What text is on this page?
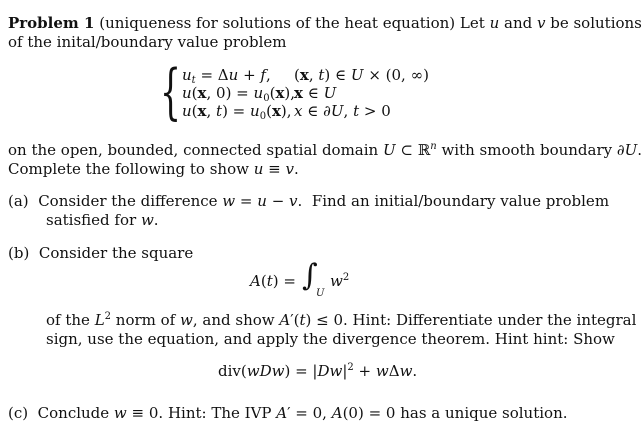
Problem 1 (uniqueness for solutions of the heat equation) Let u and v be solutions
of the inital/boundary value problem
{ $u_t = \Delta u + f$, (x, t) ∈ U × (0, ∞)
u(x, $0) = u_0(x)$,
x ∈ U
u(x, $t) = u_0(x)$, x ∈ ∂U, t > 0
on the open, bounded, connected spatial domain U ⊂ ℝ$^n$ with smooth boundary ∂U.
Complete the following to show u ≡ v.
(a)  Consider the difference w = u − v.  Find an initial/boundary value problem
satisfied for w.
(b) Consider the square
A(t) = ∫
U
$w^2$
of the $L^2$ norm of w, and show A′(t) ≤ 0. Hint: Differentiate under the integral
sign, use the equation, and apply the divergence theorem. Hint hint: Show
$div(wDw) = |Dw|^2 + w\Delta w$.
(c)  Conclude w ≡ 0. Hint: The IVP A′ = 0, A(0) = 0 has a unique solution.
